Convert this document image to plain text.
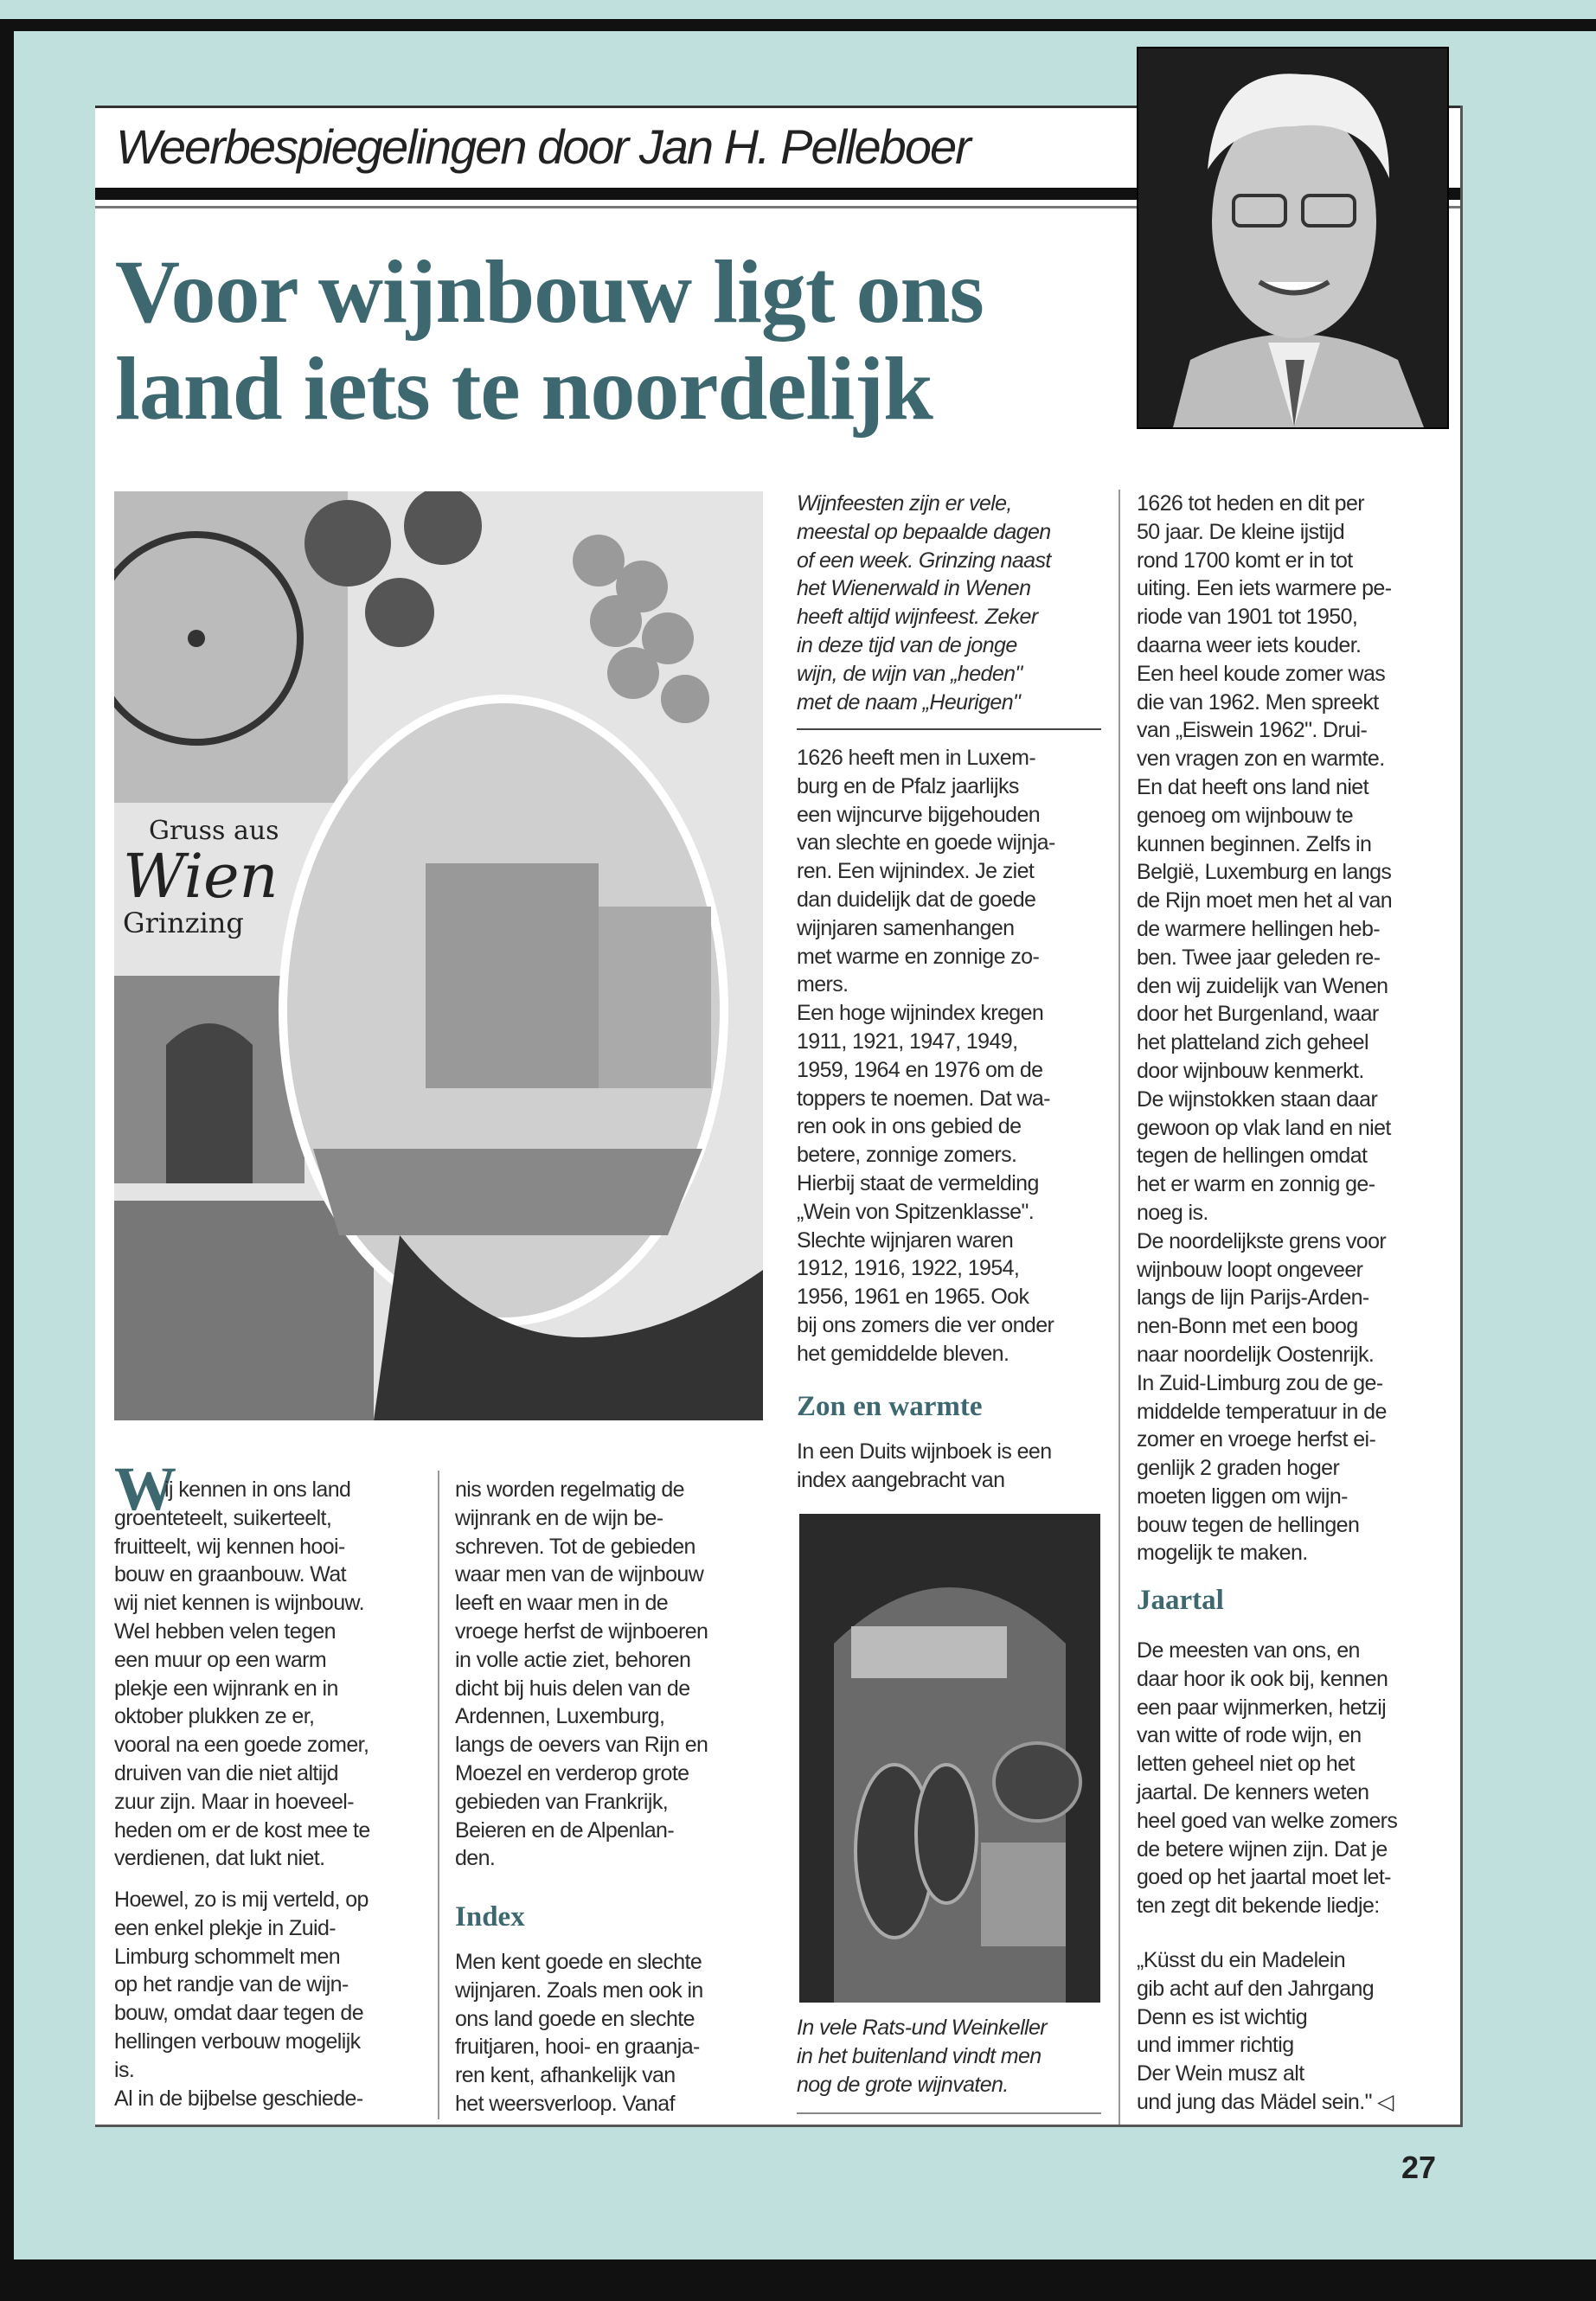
Weerbespiegelingen door Jan H. Pelleboer
Voor wijnbouw ligt ons
land iets te noordelijk
Gruss aus
Wien
Grinzing
Wijnfeesten zijn er vele,
meestal op bepaalde dagen
of een week. Grinzing naast
het Wienerwald in Wenen
heeft altijd wijnfeest. Zeker
in deze tijd van de jonge
wijn, de wijn van „heden"
met de naam „Heurigen"
W
ij kennen in ons land
groenteteelt, suikerteelt,
fruitteelt, wij kennen hooi-
bouw en graanbouw. Wat
wij niet kennen is wijnbouw.
Wel hebben velen tegen
een muur op een warm
plekje een wijnrank en in
oktober plukken ze er,
vooral na een goede zomer,
druiven van die niet altijd
zuur zijn. Maar in hoeveel-
heden om er de kost mee te
verdienen, dat lukt niet.
Hoewel, zo is mij verteld, op
een enkel plekje in Zuid-
Limburg schommelt men
op het randje van de wijn-
bouw, omdat daar tegen de
hellingen verbouw mogelijk
is.
Al in de bijbelse geschiede-
nis worden regelmatig de
wijnrank en de wijn be-
schreven. Tot de gebieden
waar men van de wijnbouw
leeft en waar men in de
vroege herfst de wijnboeren
in volle actie ziet, behoren
dicht bij huis delen van de
Ardennen, Luxemburg,
langs de oevers van Rijn en
Moezel en verderop grote
gebieden van Frankrijk,
Beieren en de Alpenlan-
den.
Index
Men kent goede en slechte
wijnjaren. Zoals men ook in
ons land goede en slechte
fruitjaren, hooi- en graanja-
ren kent, afhankelijk van
het weersverloop. Vanaf
1626 heeft men in Luxem-
burg en de Pfalz jaarlijks
een wijncurve bijgehouden
van slechte en goede wijnja-
ren. Een wijnindex. Je ziet
dan duidelijk dat de goede
wijnjaren samenhangen
met warme en zonnige zo-
mers.
Een hoge wijnindex kregen
1911, 1921, 1947, 1949,
1959, 1964 en 1976 om de
toppers te noemen. Dat wa-
ren ook in ons gebied de
betere, zonnige zomers.
Hierbij staat de vermelding
„Wein von Spitzenklasse".
Slechte wijnjaren waren
1912, 1916, 1922, 1954,
1956, 1961 en 1965. Ook
bij ons zomers die ver onder
het gemiddelde bleven.
Zon en warmte
In een Duits wijnboek is een
index aangebracht van
In vele Rats-und Weinkeller
in het buitenland vindt men
nog de grote wijnvaten.
1626 tot heden en dit per
50 jaar. De kleine ijstijd
rond 1700 komt er in tot
uiting. Een iets warmere pe-
riode van 1901 tot 1950,
daarna weer iets kouder.
Een heel koude zomer was
die van 1962. Men spreekt
van „Eiswein 1962". Drui-
ven vragen zon en warmte.
En dat heeft ons land niet
genoeg om wijnbouw te
kunnen beginnen. Zelfs in
België, Luxemburg en langs
de Rijn moet men het al van
de warmere hellingen heb-
ben. Twee jaar geleden re-
den wij zuidelijk van Wenen
door het Burgenland, waar
het platteland zich geheel
door wijnbouw kenmerkt.
De wijnstokken staan daar
gewoon op vlak land en niet
tegen de hellingen omdat
het er warm en zonnig ge-
noeg is.
De noordelijkste grens voor
wijnbouw loopt ongeveer
langs de lijn Parijs-Arden-
nen-Bonn met een boog
naar noordelijk Oostenrijk.
In Zuid-Limburg zou de ge-
middelde temperatuur in de
zomer en vroege herfst ei-
genlijk 2 graden hoger
moeten liggen om wijn-
bouw tegen de hellingen
mogelijk te maken.
Jaartal
De meesten van ons, en
daar hoor ik ook bij, kennen
een paar wijnmerken, hetzij
van witte of rode wijn, en
letten geheel niet op het
jaartal. De kenners weten
heel goed van welke zomers
de betere wijnen zijn. Dat je
goed op het jaartal moet let-
ten zegt dit bekende liedje:
„Küsst du ein Madelein
gib acht auf den Jahrgang
Denn es ist wichtig
und immer richtig
Der Wein musz alt
und jung das Mädel sein." ◁
27
